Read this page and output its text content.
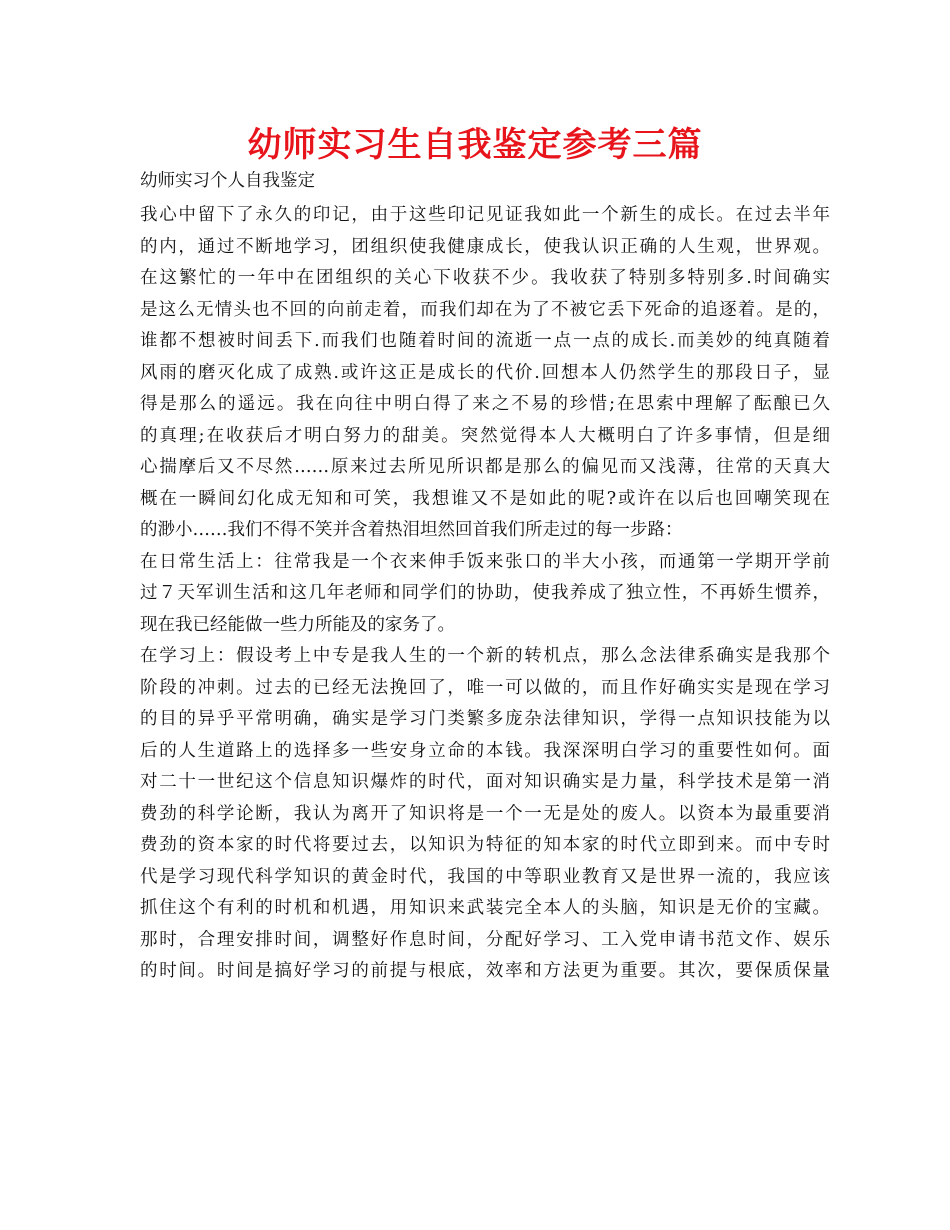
幼师实习生自我鉴定参考三篇

幼师实习个人自我鉴定

我心中留下了永久的印记，由于这些印记见证我如此一个新生的成长。在过去半年
的内，通过不断地学习，团组织使我健康成长，使我认识正确的人生观，世界观。
在这繁忙的一年中在团组织的关心下收获不少。我收获了特别多特别多.时间确实
是这么无情头也不回的向前走着，而我们却在为了不被它丢下死命的追逐着。是的，
谁都不想被时间丢下.而我们也随着时间的流逝一点一点的成长.而美妙的纯真随着
风雨的磨灭化成了成熟.或许这正是成长的代价.回想本人仍然学生的那段日子，显
得是那么的遥远。我在向往中明白得了来之不易的珍惜;在思索中理解了酝酿已久
的真理;在收获后才明白努力的甜美。突然觉得本人大概明白了许多事情，但是细
心揣摩后又不尽然……原来过去所见所识都是那么的偏见而又浅薄，往常的天真大
概在一瞬间幻化成无知和可笑，我想谁又不是如此的呢?或许在以后也回嘲笑现在
的渺小……我们不得不笑并含着热泪坦然回首我们所走过的每一步路：
在日常生活上：往常我是一个衣来伸手饭来张口的半大小孩，而通第一学期开学前
过７天军训生活和这几年老师和同学们的协助，使我养成了独立性，不再娇生惯养，
现在我已经能做一些力所能及的家务了。
在学习上：假设考上中专是我人生的一个新的转机点，那么念法律系确实是我那个
阶段的冲刺。过去的已经无法挽回了，唯一可以做的，而且作好确实实是现在学习
的目的异乎平常明确，确实是学习门类繁多庞杂法律知识，学得一点知识技能为以
后的人生道路上的选择多一些安身立命的本钱。我深深明白学习的重要性如何。面
对二十一世纪这个信息知识爆炸的时代，面对知识确实是力量，科学技术是第一消
费劲的科学论断，我认为离开了知识将是一个一无是处的废人。以资本为最重要消
费劲的资本家的时代将要过去，以知识为特征的知本家的时代立即到来。而中专时
代是学习现代科学知识的黄金时代，我国的中等职业教育又是世界一流的，我应该
抓住这个有利的时机和机遇，用知识来武装完全本人的头脑，知识是无价的宝藏。
那时，合理安排时间，调整好作息时间，分配好学习、工入党申请书范文作、娱乐
的时间。时间是搞好学习的前提与根底，效率和方法更为重要。其次，要保质保量
